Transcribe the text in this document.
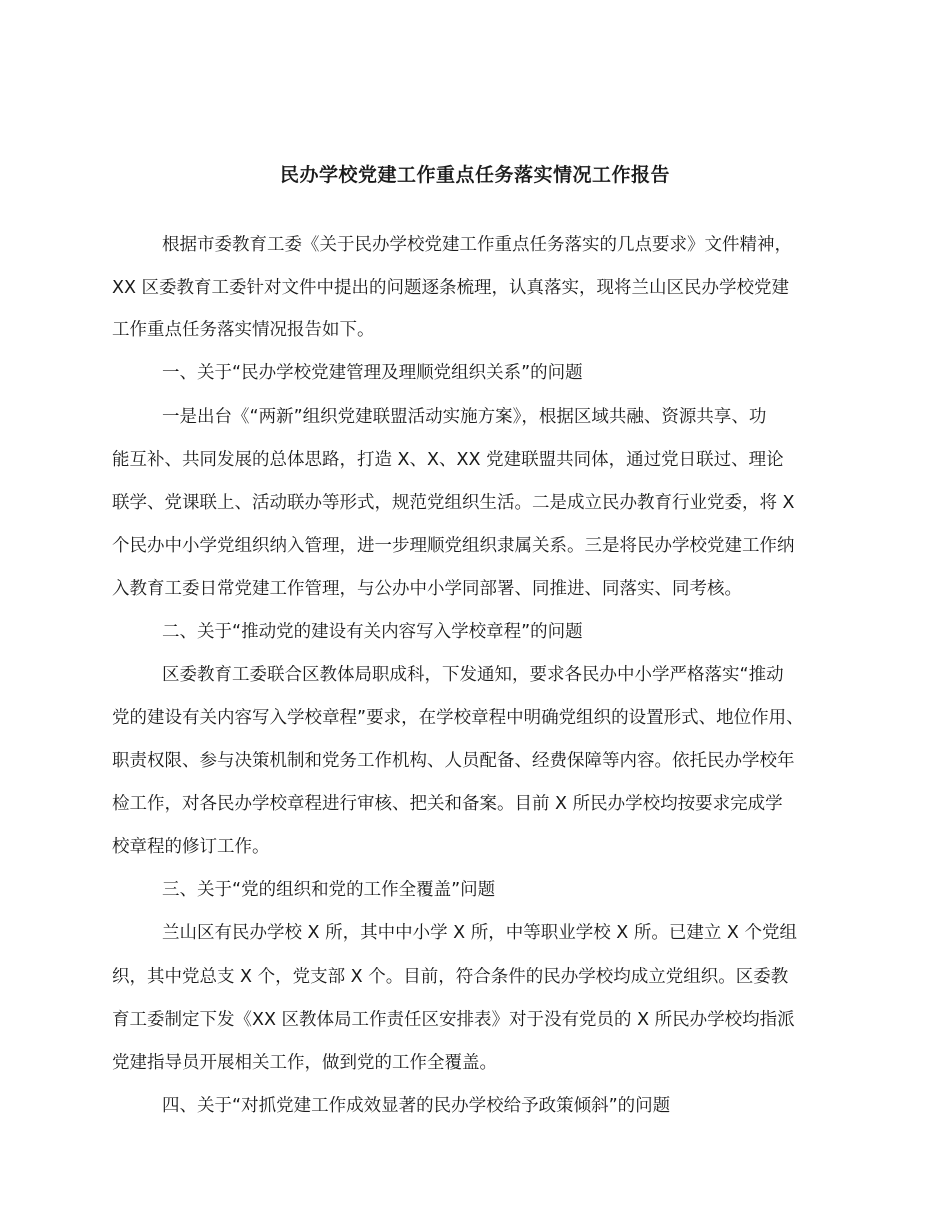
民办学校党建工作重点任务落实情况工作报告
根据市委教育工委《关于民办学校党建工作重点任务落实的几点要求》文件精神，
XX 区委教育工委针对文件中提出的问题逐条梳理，认真落实，现将兰山区民办学校党建
工作重点任务落实情况报告如下。
一、关于“民办学校党建管理及理顺党组织关系”的问题
一是出台《“两新”组织党建联盟活动实施方案》，根据区域共融、资源共享、功
能互补、共同发展的总体思路，打造 X、X、XX 党建联盟共同体，通过党日联过、理论
联学、党课联上、活动联办等形式，规范党组织生活。二是成立民办教育行业党委，将 X
个民办中小学党组织纳入管理，进一步理顺党组织隶属关系。三是将民办学校党建工作纳
入教育工委日常党建工作管理，与公办中小学同部署、同推进、同落实、同考核。
二、关于“推动党的建设有关内容写入学校章程”的问题
区委教育工委联合区教体局职成科，下发通知，要求各民办中小学严格落实“推动
党的建设有关内容写入学校章程”要求，在学校章程中明确党组织的设置形式、地位作用、
职责权限、参与决策机制和党务工作机构、人员配备、经费保障等内容。依托民办学校年
检工作，对各民办学校章程进行审核、把关和备案。目前 X 所民办学校均按要求完成学
校章程的修订工作。
三、关于“党的组织和党的工作全覆盖”问题
兰山区有民办学校 X 所，其中中小学 X 所，中等职业学校 X 所。已建立 X 个党组
织，其中党总支 X 个，党支部 X 个。目前，符合条件的民办学校均成立党组织。区委教
育工委制定下发《XX 区教体局工作责任区安排表》对于没有党员的 X 所民办学校均指派
党建指导员开展相关工作，做到党的工作全覆盖。
四、关于“对抓党建工作成效显著的民办学校给予政策倾斜”的问题
